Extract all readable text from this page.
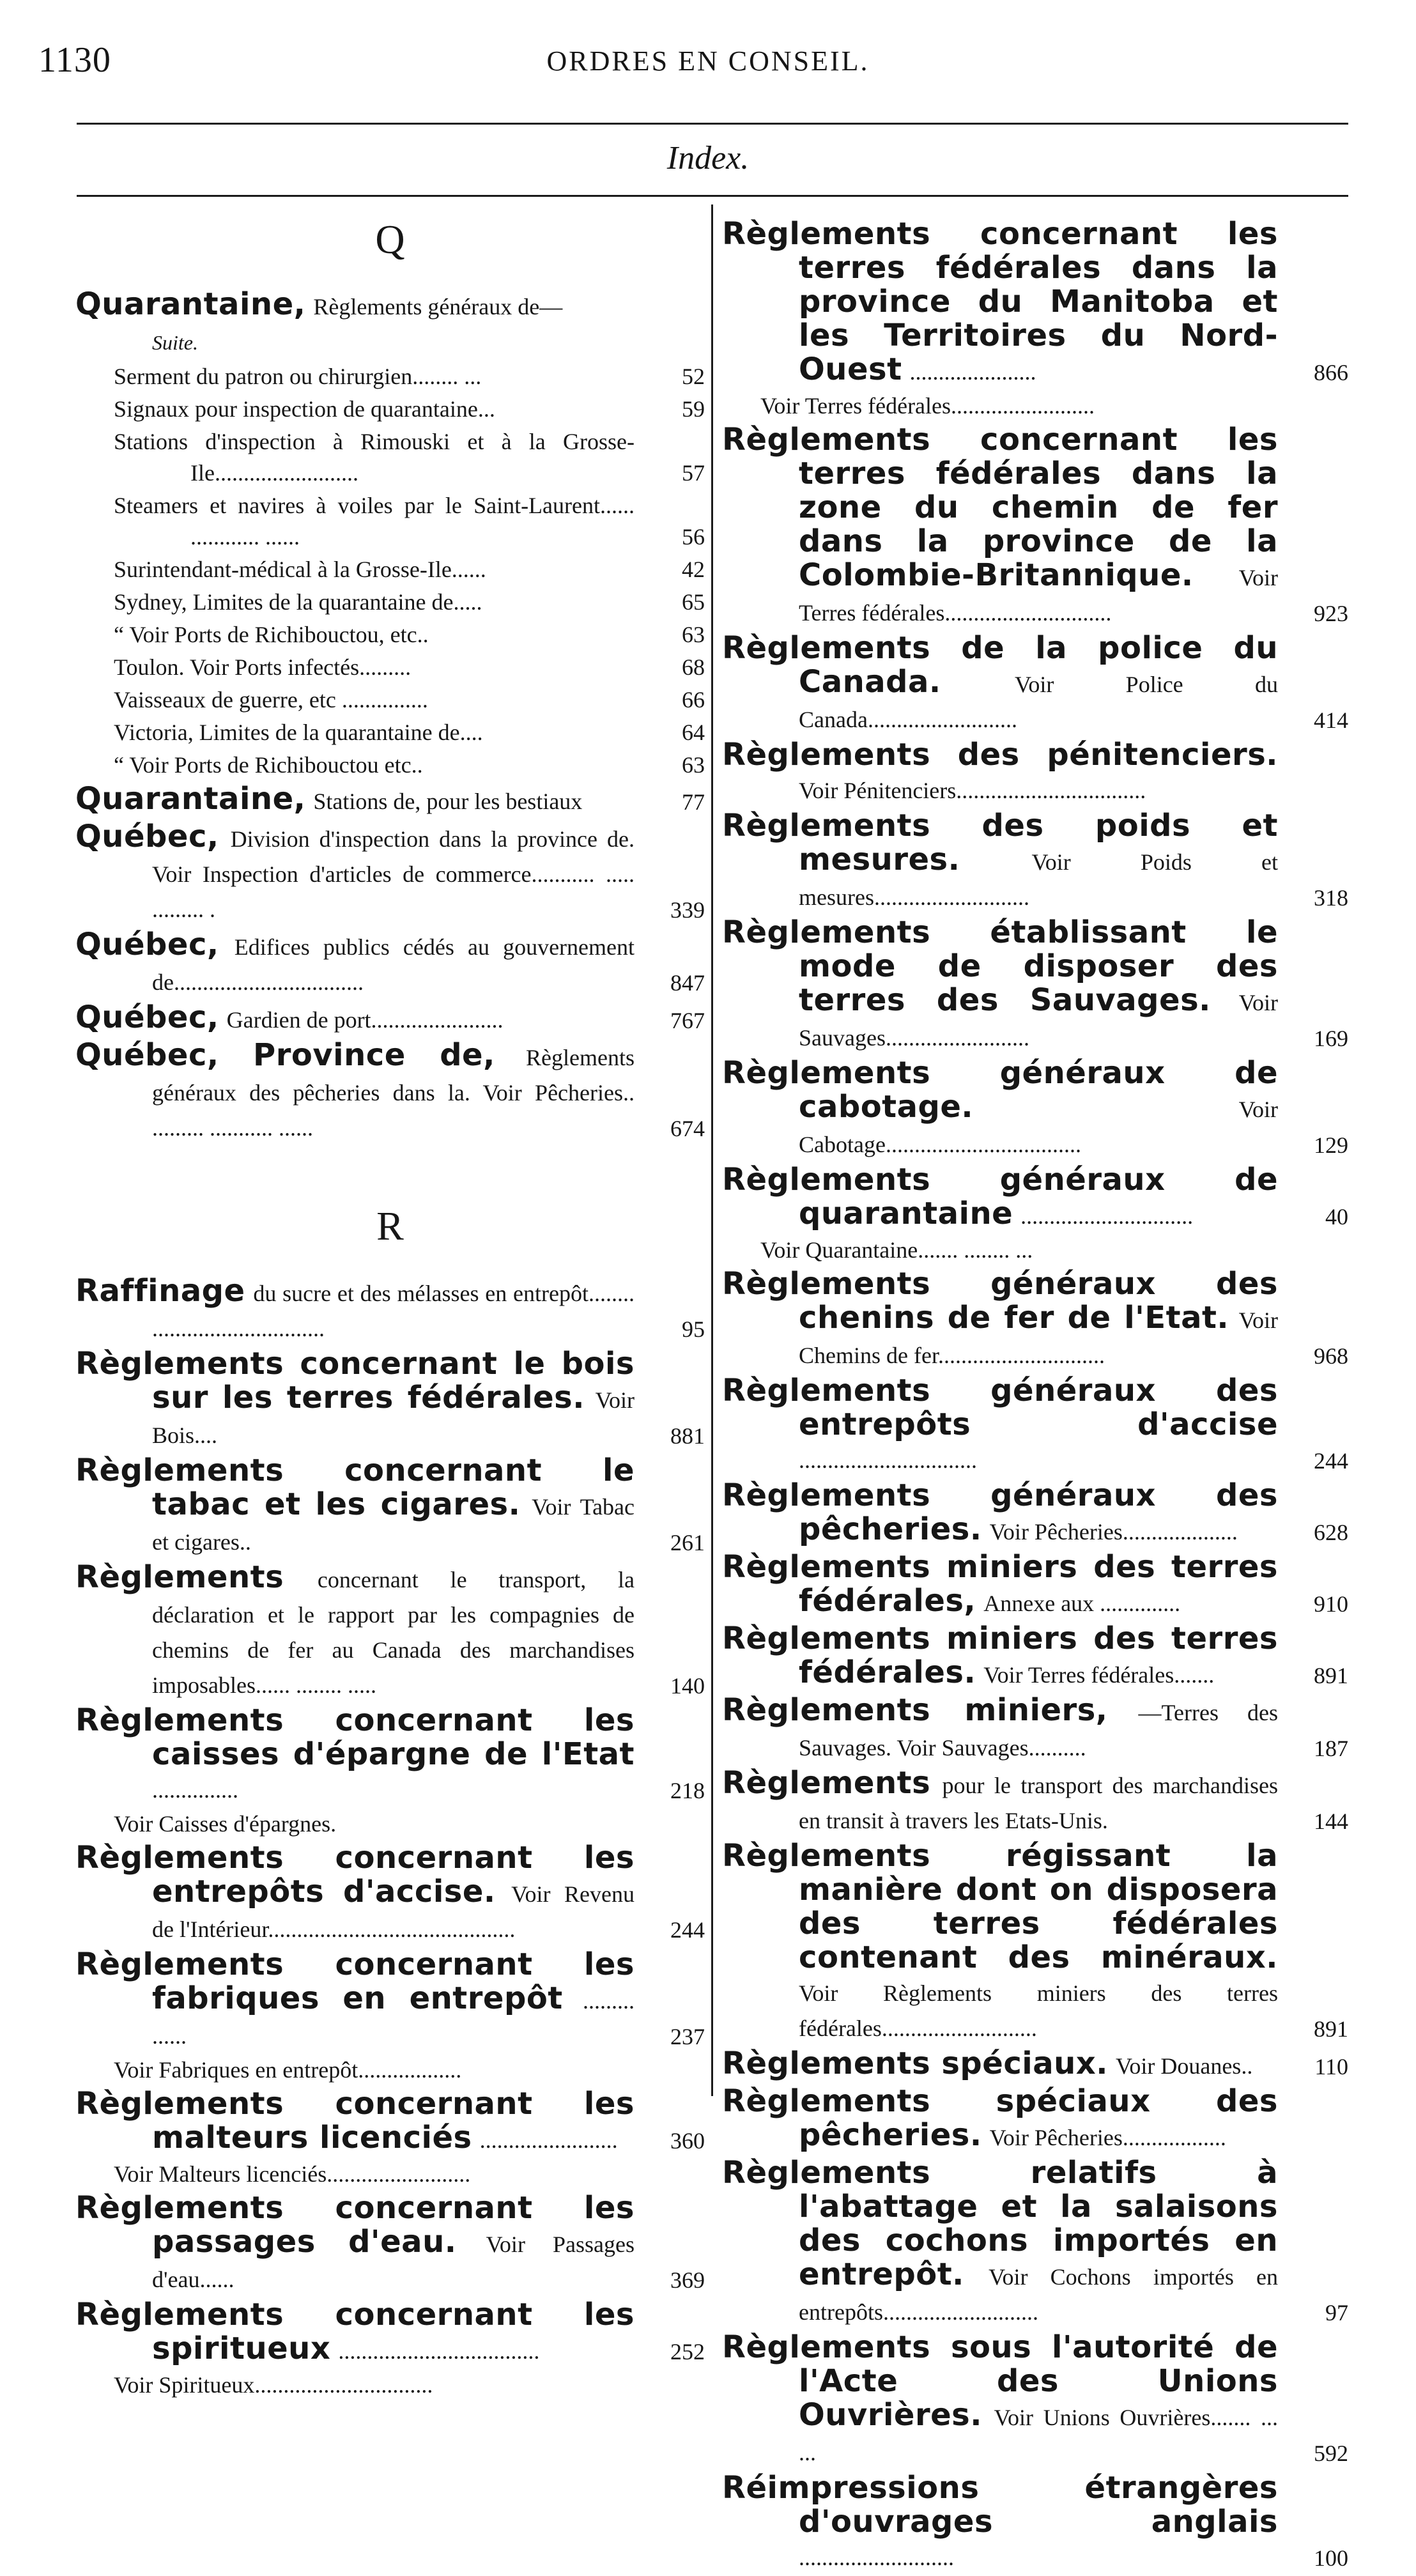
1130	ORDRES EN CONSEIL.
Index.
Q
Quarantaine, Règlements généraux de—
Suite.
Serment du patron ou chirurgien........ ...	52
Signaux pour inspection de quarantaine...	59
Stations d'inspection à Rimouski et à la Grosse-Ile.........................	57
Steamers et navires à voiles par le Saint-Laurent...... ............ ......	56
Surintendant-médical à la Grosse-Ile......	42
Sydney, Limites de la quarantaine de.....	65
“ Voir Ports de Richibouctou, etc..	63
Toulon. Voir Ports infectés.........	68
Vaisseaux de guerre, etc ...............	66
Victoria, Limites de la quarantaine de....	64
“ Voir Ports de Richibouctou etc..	63
Quarantaine, Stations de, pour les bestiaux	77
Québec, Division d'inspection dans la province de. Voir Inspection d'articles de commerce........... ..... ......... .	339
Québec, Edifices publics cédés au gouvernement de.................................	847
Québec, Gardien de port.......................	767
Québec, Province de, Règlements généraux des pêcheries dans la. Voir Pêcheries.. ......... ........... ......	674
R
Raffinage du sucre et des mélasses en entrepôt........ ..............................	95
Règlements concernant le bois sur les terres fédérales. Voir Bois....	881
Règlements concernant le tabac et les cigares. Voir Tabac et cigares..	261
Règlements concernant le transport, la déclaration et le rapport par les compagnies de chemins de fer au Canada des marchandises imposables...... ........ .....	140
Règlements concernant les caisses d'épargne de l'Etat ...............	218
Voir Caisses d'épargnes.
Règlements concernant les entrepôts d'accise. Voir Revenu de l'Intérieur...........................................	244
Règlements concernant les fabriques en entrepôt ......... ......	237
Voir Fabriques en entrepôt..................
Règlements concernant les malteurs licenciés ........................ 360
Voir Malteurs licenciés.........................
Règlements concernant les passages d'eau. Voir Passages d'eau......	369
Règlements concernant les spiritueux ...................................	252
Voir Spiritueux...............................
Règlements concernant les terres fédérales dans la province du Manitoba et les Territoires du Nord-Ouest ......................	866
Voir Terres fédérales.........................
Règlements concernant les terres fédérales dans la zone du chemin de fer dans la province de la Colombie-Britannique. Voir Terres fédérales.............................	923
Règlements de la police du Canada.	Voir Police du Canada..........................	414
Règlements des pénitenciers. Voir Pénitenciers.................................
Règlements des poids et mesures.	Voir Poids et mesures...........................	318
Règlements établissant le mode de disposer des terres des Sauvages. Voir Sauvages.........................	169
Règlements généraux de cabotage.	Voir Cabotage..................................	129
Règlements généraux de quarantaine ..............................	40
Voir Quarantaine....... ........ ...
Règlements généraux des chenins de fer de l'Etat. Voir Chemins de fer.............................	968
Règlements généraux des entrepôts d'accise ...............................	244
Règlements généraux des pêcheries. Voir Pêcheries....................	628
Règlements miniers des terres fédérales, Annexe aux ..............	910
Règlements miniers des terres fédérales. Voir Terres fédérales.......	891
Règlements miniers, —Terres des Sauvages. Voir Sauvages..........	187
Règlements pour le transport des marchandises en transit à travers les Etats-Unis.	144
Règlements régissant la manière dont on disposera des terres fédérales contenant des minéraux. Voir Règlements miniers des terres fédérales...........................	891
Règlements spéciaux. Voir Douanes..	110
Règlements spéciaux des pêcheries. Voir Pêcheries..................
Règlements relatifs à l'abattage et la salaisons des cochons importés en entrepôt. Voir Cochons importés en entrepôts...........................	97
Règlements sous l'autorité de l'Acte des Unions Ouvrières. Voir Unions Ouvrières....... ... ...	592
Réimpressions étrangères d'ouvrages anglais ...........................	100
